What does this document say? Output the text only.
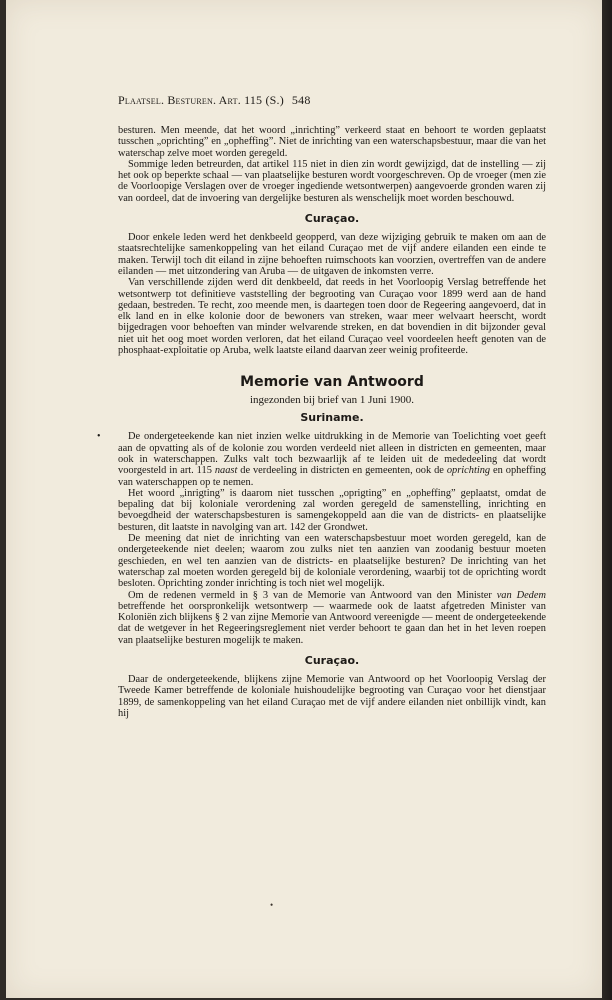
Plaatsel. Besturen. Art. 115 (S.) 548

besturen. Men meende, dat het woord „inrichting” verkeerd staat en behoort te worden geplaatst tusschen „oprichting” en „opheffing”. Niet de inrichting van een waterschapsbestuur, maar die van het waterschap zelve moet worden geregeld.

Sommige leden betreurden, dat artikel 115 niet in dien zin wordt gewijzigd, dat de instelling — zij het ook op beperkte schaal — van plaatselijke besturen wordt voorgeschreven. Op de vroeger (men zie de Voorloopige Verslagen over de vroeger ingediende wetsontwerpen) aangevoerde gronden waren zij van oordeel, dat de invoering van dergelijke besturen als wenschelijk moet worden beschouwd.

Curaçao.

Door enkele leden werd het denkbeeld geopperd, van deze wijziging gebruik te maken om aan de staatsrechtelijke samenkoppeling van het eiland Curaçao met de vijf andere eilanden een einde te maken. Terwijl toch dit eiland in zijne behoeften ruimschoots kan voorzien, overtreffen van de andere eilanden — met uitzondering van Aruba — de uitgaven de inkomsten verre.

Van verschillende zijden werd dit denkbeeld, dat reeds in het Voorloopig Verslag betreffende het wetsontwerp tot definitieve vaststelling der begrooting van Curaçao voor 1899 werd aan de hand gedaan, bestreden. Te recht, zoo meende men, is daartegen toen door de Regeering aangevoerd, dat in elk land en in elke kolonie door de bewoners van streken, waar meer welvaart heerscht, wordt bijgedragen voor behoeften van minder welvarende streken, en dat bovendien in dit bijzonder geval niet uit het oog moet worden verloren, dat het eiland Curaçao veel voordeelen heeft genoten van de phosphaat-exploitatie op Aruba, welk laatste eiland daarvan zeer weinig profiteerde.

Memorie van Antwoord
ingezonden bij brief van 1 Juni 1900.
Suriname.
•	De ondergeteekende kan niet inzien welke uitdrukking in de Memorie van Toelichting voet geeft aan de opvatting als of de kolonie zou worden verdeeld niet alleen in districten en gemeenten, maar ook in waterschappen. Zulks valt toch bezwaarlijk af te leiden uit de mededeeling dat wordt voorgesteld in art. 115 naast de verdeeling in districten en gemeenten, ook de oprichting en opheffing van waterschappen op te nemen.

Het woord „inrigting” is daarom niet tusschen „oprigting” en „opheffing” geplaatst, omdat de bepaling dat bij koloniale verordening zal worden geregeld de samenstelling, inrichting en bevoegdheid der waterschapsbesturen is samengekoppeld aan die van de districts- en plaatselijke besturen, dit laatste in navolging van art. 142 der Grondwet.

De meening dat niet de inrichting van een waterschapsbestuur moet worden geregeld, kan de ondergeteekende niet deelen; waarom zou zulks niet ten aanzien van zoodanig bestuur moeten geschieden, en wel ten aanzien van de districts- en plaatselijke besturen? De inrichting van het waterschap zal moeten worden geregeld bij de koloniale verordening, waarbij tot de oprichting wordt besloten. Oprichting zonder inrichting is toch niet wel mogelijk.

Om de redenen vermeld in § 3 van de Memorie van Antwoord van den Minister van Dedem betreffende het oorspronkelijk wetsontwerp — waarmede ook de laatst afgetreden Minister van Koloniën zich blijkens § 2 van zijne Memorie van Antwoord vereenigde — meent de ondergeteekende dat de wetgever in het Regeeringsreglement niet verder behoort te gaan dan het in het leven roepen van plaatselijke besturen mogelijk te maken.

Curaçao.

Daar de ondergeteekende, blijkens zijne Memorie van Antwoord op het Voorloopig Verslag der Tweede Kamer betreffende de koloniale huishoudelijke begrooting van Curaçao voor het dienstjaar 1899, de samenkoppeling van het eiland Curaçao met de vijf andere eilanden niet onbillijk vindt, kan hij

•
